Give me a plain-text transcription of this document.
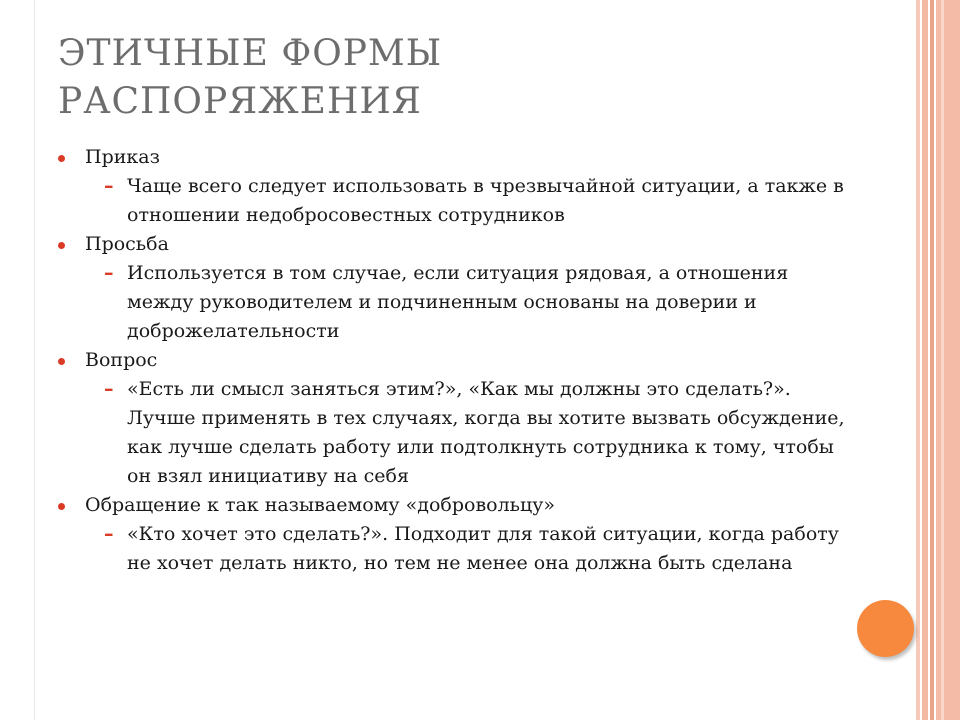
ЭТИЧНЫЕ ФОРМЫ
РАСПОРЯЖЕНИЯ
Приказ
– Чаще всего следует использовать в чрезвычайной ситуации, а также в отношении недобросовестных сотрудников
Просьба
– Используется в том случае, если ситуация рядовая, а отношения между руководителем и подчиненным основаны на доверии и доброжелательности
Вопрос
– «Есть ли смысл заняться этим?», «Как мы должны это сделать?». Лучше применять в тех случаях, когда вы хотите вызвать обсуждение, как лучше сделать работу или подтолкнуть сотрудника к тому, чтобы он взял инициативу на себя
Обращение к так называемому «добровольцу»
– «Кто хочет это сделать?». Подходит для такой ситуации, когда работу не хочет делать никто, но тем не менее она должна быть сделана
